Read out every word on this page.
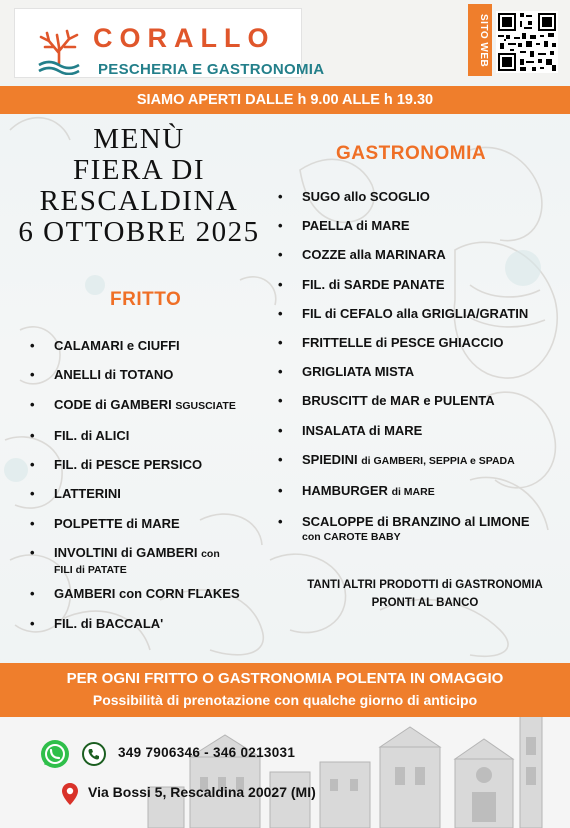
CORALLO
PESCHERIA E GASTRONOMIA
SITO WEB
SIAMO APERTI DALLE h 9.00 ALLE h 19.30
MENÙ
FIERA DI
RESCALDINA
6 OTTOBRE 2025
FRITTO
• CALAMARI e CIUFFI
• ANELLI di TOTANO
• CODE di GAMBERI SGUSCIATE
• FIL. di ALICI
• FIL. di PESCE PERSICO
• LATTERINI
• POLPETTE di MARE
• INVOLTINI di GAMBERI con
FILI di PATATE
• GAMBERI con CORN FLAKES
• FIL. di BACCALA'
GASTRONOMIA
• SUGO allo SCOGLIO
• PAELLA di MARE
• COZZE alla MARINARA
• FIL. di SARDE PANATE
• FIL di CEFALO alla GRIGLIA/GRATIN
• FRITTELLE di PESCE GHIACCIO
• GRIGLIATA MISTA
• BRUSCITT de MAR e PULENTA
• INSALATA di MARE
• SPIEDINI di GAMBERI, SEPPIA e SPADA
• HAMBURGER di MARE
• SCALOPPE di BRANZINO al LIMONE
con CAROTE BABY
TANTI ALTRI PRODOTTI di GASTRONOMIA
PRONTI AL BANCO
PER OGNI FRITTO O GASTRONOMIA POLENTA IN OMAGGIO
Possibilità di prenotazione con qualche giorno di anticipo
349 7906346 - 346 0213031
Via Bossi 5, Rescaldina 20027 (MI)
